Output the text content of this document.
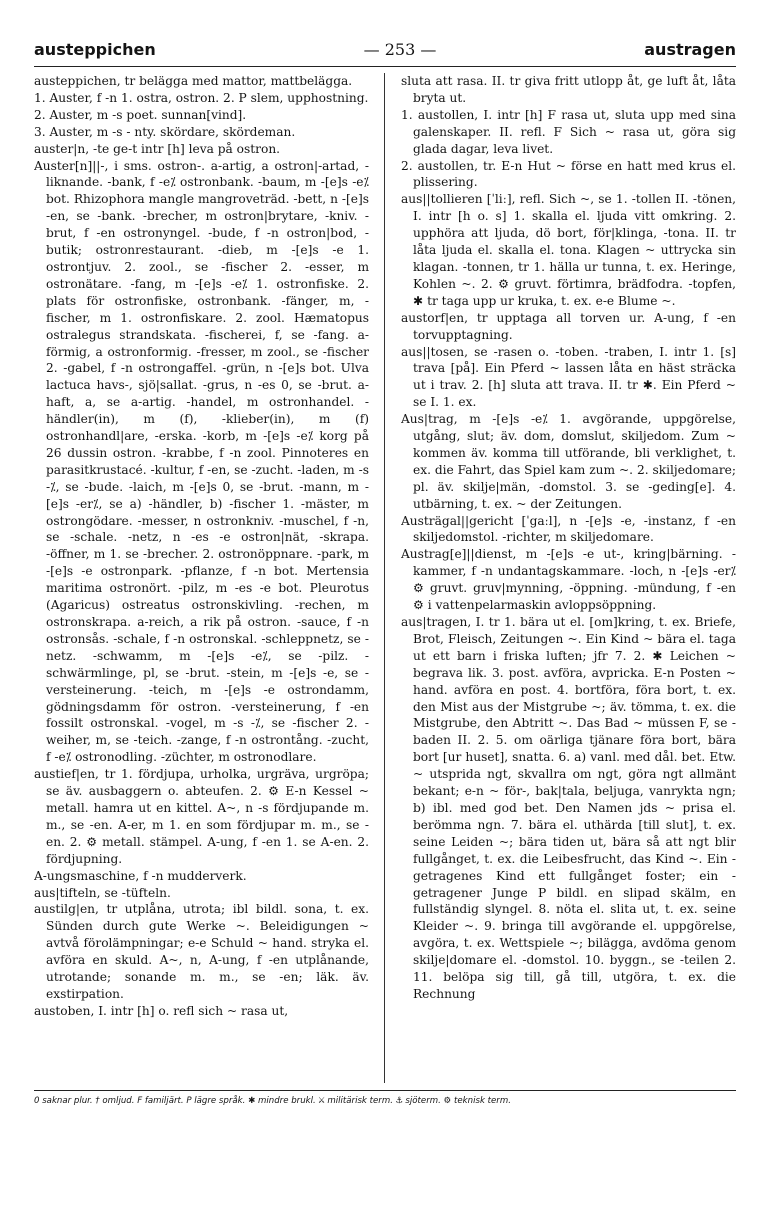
austeppichen	— 253 —	austragen

austeppichen, tr belägga med mattor, mattbelägga.

1. Auster, f -n 1. ostra, ostron. 2. P slem, upphostning.

2. Auster, m -s poet. sunnan[vind].

3. Auster, m -s - nty. skördare, skördeman.

auster|n, -te ge-t intr [h] leva på ostron.

Auster[n]||-, i sms. ostron-. a-artig, a ostron|-artad, -liknande. -bank, f -e⁒ ostronbank. -baum, m -[e]s -e⁒ bot. Rhizophora mangle mangroveträd. -bett, n -[e]s -en, se -bank. -brecher, m ostron|brytare, -kniv. -brut, f -en ostronyngel. -bude, f -n ostron|bod, -butik; ostronrestaurant. -dieb, m -[e]s -e 1. ostrontjuv. 2. zool., se -fischer 2. -esser, m ostronätare. -fang, m -[e]s -e⁒ 1. ostronfiske. 2. plats för ostronfiske, ostronbank. -fänger, m, -fischer, m 1. ostronfiskare. 2. zool. Hæmatopus ostralegus strandskata. -fischerei, f, se -fang. a-förmig, a ostronformig. -fresser, m zool., se -fischer 2. -gabel, f -n ostrongaffel. -grün, n -[e]s bot. Ulva lactuca havs-, sjö|sallat. -grus, n -es 0, se -brut. a-haft, a, se a-artig. -handel, m ostronhandel. -händler(in), m (f), -klieber(in), m (f) ostronhandl|are, -erska. -korb, m -[e]s -e⁒ korg på 26 dussin ostron. -krabbe, f -n zool. Pinnoteres en parasitkrustacé. -kultur, f -en, se -zucht. -laden, m -s -⁒, se -bude. -laich, m -[e]s 0, se -brut. -mann, m -[e]s -er⁒, se a) -händler, b) -fischer 1. -mäster, m ostrongödare. -messer, n ostronkniv. -muschel, f -n, se -schale. -netz, n -es -e ostron|nät, -skrapa. -öffner, m 1. se -brecher. 2. ostronöppnare. -park, m -[e]s -e ostronpark. -pflanze, f -n bot. Mertensia maritima ostronört. -pilz, m -es -e bot. Pleurotus (Agaricus) ostreatus ostronskivling. -rechen, m ostronskrapa. a-reich, a rik på ostron. -sauce, f -n ostronsås. -schale, f -n ostronskal. -schleppnetz, se -netz. -schwamm, m -[e]s -e⁒, se -pilz. -schwärmlinge, pl, se -brut. -stein, m -[e]s -e, se -versteinerung. -teich, m -[e]s -e ostrondamm, gödningsdamm för ostron. -versteinerung, f -en fossilt ostronskal. -vogel, m -s -⁒, se -fischer 2. -weiher, m, se -teich. -zange, f -n ostrontång. -zucht, f -e⁒ ostronodling. -züchter, m ostronodlare.

austief|en, tr 1. fördjupa, urholka, urgräva, urgröpa; se äv. ausbaggern o. abteufen. 2. ⚙ E-n Kessel ~ metall. hamra ut en kittel. A~, n -s fördjupande m. m., se -en. A-er, m 1. en som fördjupar m. m., se -en. 2. ⚙ metall. stämpel. A-ung, f -en 1. se A-en. 2. fördjupning.

A-ungsmaschine, f -n mudderverk.

aus|tifteln, se -tüfteln.

austilg|en, tr utplåna, utrota; ibl bildl. sona, t. ex. Sünden durch gute Werke ~. Beleidigungen ~ avtvå förolämpningar; e-e Schuld ~ hand. stryka el. avföra en skuld. A~, n, A-ung, f -en utplånande, utrotande; sonande m. m., se -en; läk. äv. exstirpation.

austoben, I. intr [h] o. refl sich ~ rasa ut,

sluta att rasa. II. tr giva fritt utlopp åt, ge luft åt, låta bryta ut.

1. austollen, I. intr [h] F rasa ut, sluta upp med sina galenskaper. II. refl. F Sich ~ rasa ut, göra sig glada dagar, leva livet.

2. austollen, tr. E-n Hut ~ förse en hatt med krus el. plissering.

aus||tollieren [ˈliː], refl. Sich ~, se 1. -tollen II. -tönen, I. intr [h o. s] 1. skalla el. ljuda vitt omkring. 2. upphöra att ljuda, dö bort, för|klinga, -tona. II. tr låta ljuda el. skalla el. tona. Klagen ~ uttrycka sin klagan. -tonnen, tr 1. hälla ur tunna, t. ex. Heringe, Kohlen ~. 2. ⚙ gruvt. förtimra, brädfodra. -topfen, ✱ tr taga upp ur kruka, t. ex. e-e Blume ~.

austorf|en, tr upptaga all torven ur. A-ung, f -en torvupptagning.

aus||tosen, se -rasen o. -toben. -traben, I. intr 1. [s] trava [på]. Ein Pferd ~ lassen låta en häst sträcka ut i trav. 2. [h] sluta att trava. II. tr ✱. Ein Pferd ~ se I. 1. ex.

Aus|trag, m -[e]s -e⁒ 1. avgörande, uppgörelse, utgång, slut; äv. dom, domslut, skiljedom. Zum ~ kommen äv. komma till utförande, bli verklighet, t. ex. die Fahrt, das Spiel kam zum ~. 2. skiljedomare; pl. äv. skilje|män, -domstol. 3. se -geding[e]. 4. utbärning, t. ex. ~ der Zeitungen.

Austrägal||gericht [ˈgaːl], n -[e]s -e, -instanz, f -en skiljedomstol. -richter, m skiljedomare.

Austrag[e]||dienst, m -[e]s -e ut-, kring|bärning. -kammer, f -n undantagskammare. -loch, n -[e]s -er⁒ ⚙ gruvt. gruv|mynning, -öppning. -mündung, f -en ⚙ i vattenpelarmaskin avloppsöppning.

aus|tragen, I. tr 1. bära ut el. [om]kring, t. ex. Briefe, Brot, Fleisch, Zeitungen ~. Ein Kind ~ bära el. taga ut ett barn i friska luften; jfr 7. 2. ✱ Leichen ~ begrava lik. 3. post. avföra, avpricka. E-n Posten ~ hand. avföra en post. 4. bortföra, föra bort, t. ex. den Mist aus der Mistgrube ~; äv. tömma, t. ex. die Mistgrube, den Abtritt ~. Das Bad ~ müssen F, se -baden II. 2. 5. om oärliga tjänare föra bort, bära bort [ur huset], snatta. 6. a) vanl. med dål. bet. Etw. ~ utsprida ngt, skvallra om ngt, göra ngt allmänt bekant; e-n ~ för-, bak|tala, beljuga, vanrykta ngn; b) ibl. med god bet. Den Namen jds ~ prisa el. berömma ngn. 7. bära el. uthärda [till slut], t. ex. seine Leiden ~; bära tiden ut, bära så att ngt blir fullgånget, t. ex. die Leibesfrucht, das Kind ~. Ein -getragenes Kind ett fullgånget foster; ein -getragener Junge P bildl. en slipad skälm, en fullständig slyngel. 8. nöta el. slita ut, t. ex. seine Kleider ~. 9. bringa till avgörande el. uppgörelse, avgöra, t. ex. Wettspiele ~; bilägga, avdöma genom skilje|domare el. -domstol. 10. byggn., se -teilen 2. 11. belöpa sig till, gå till, utgöra, t. ex. die Rechnung

0 saknar plur. † omljud. F familjärt. P lägre språk. ✱ mindre brukl. ⚔ militärisk term. ⚓ sjöterm. ⚙ teknisk term.
